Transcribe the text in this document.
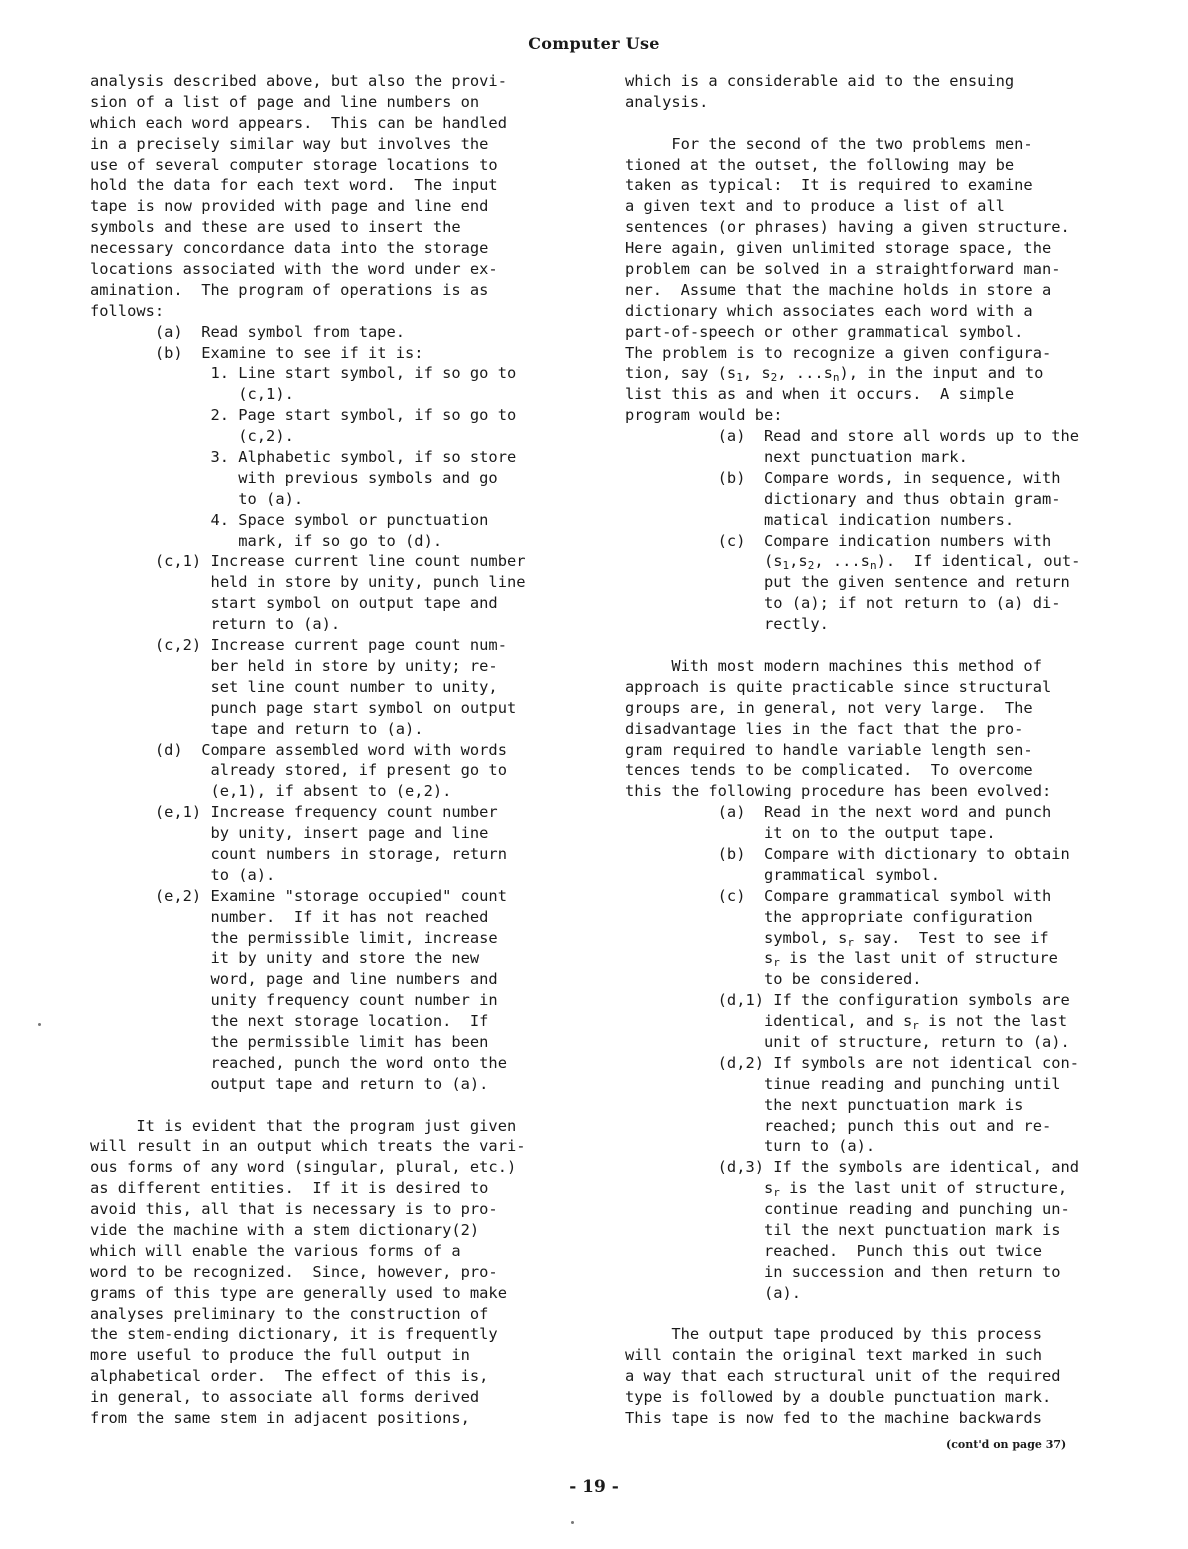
Computer Use
analysis described above, but also the provi-
sion of a list of page and line numbers on
which each word appears.  This can be handled
in a precisely similar way but involves the
use of several computer storage locations to
hold the data for each text word.  The input
tape is now provided with page and line end
symbols and these are used to insert the
necessary concordance data into the storage
locations associated with the word under ex-
amination.  The program of operations is as
follows:
(a)  Read symbol from tape.
(b)  Examine to see if it is:
1. Line start symbol, if so go to
(c,1).
2. Page start symbol, if so go to
(c,2).
3. Alphabetic symbol, if so store
with previous symbols and go
to (a).
4. Space symbol or punctuation
mark, if so go to (d).
(c,1) Increase current line count number
held in store by unity, punch line
start symbol on output tape and
return to (a).
(c,2) Increase current page count num-
ber held in store by unity; re-
set line count number to unity,
punch page start symbol on output
tape and return to (a).
(d)  Compare assembled word with words
already stored, if present go to
(e,1), if absent to (e,2).
(e,1) Increase frequency count number
by unity, insert page and line
count numbers in storage, return
to (a).
(e,2) Examine "storage occupied" count
number.  If it has not reached
the permissible limit, increase
it by unity and store the new
word, page and line numbers and
unity frequency count number in
the next storage location.  If
the permissible limit has been
reached, punch the word onto the
output tape and return to (a).
It is evident that the program just given
will result in an output which treats the vari-
ous forms of any word (singular, plural, etc.)
as different entities.  If it is desired to
avoid this, all that is necessary is to pro-
vide the machine with a stem dictionary(2)
which will enable the various forms of a
word to be recognized.  Since, however, pro-
grams of this type are generally used to make
analyses preliminary to the construction of
the stem-ending dictionary, it is frequently
more useful to produce the full output in
alphabetical order.  The effect of this is,
in general, to associate all forms derived
from the same stem in adjacent positions,
which is a considerable aid to the ensuing
analysis.
For the second of the two problems men-
tioned at the outset, the following may be
taken as typical:  It is required to examine
a given text and to produce a list of all
sentences (or phrases) having a given structure.
Here again, given unlimited storage space, the
problem can be solved in a straightforward man-
ner.  Assume that the machine holds in store a
dictionary which associates each word with a
part-of-speech or other grammatical symbol.
The problem is to recognize a given configura-
tion, say ($s_1$, $s_2$, $...s_n$), in the input and to
list this as and when it occurs.  A simple
program would be:
(a)  Read and store all words up to the
next punctuation mark.
(b)  Compare words, in sequence, with
dictionary and thus obtain gram-
matical indication numbers.
(c)  Compare indication numbers with
($s_1,s_2$, $...s_n$).  If identical, out-
put the given sentence and return
to (a); if not return to (a) di-
rectly.
With most modern machines this method of
approach is quite practicable since structural
groups are, in general, not very large.  The
disadvantage lies in the fact that the pro-
gram required to handle variable length sen-
tences tends to be complicated.  To overcome
this the following procedure has been evolved:
(a)  Read in the next word and punch
it on to the output tape.
(b)  Compare with dictionary to obtain
grammatical symbol.
(c)  Compare grammatical symbol with
the appropriate configuration
symbol, $s_r$ say.  Test to see if
$s_r$ is the last unit of structure
to be considered.
(d,1) If the configuration symbols are
identical, and $s_r$ is not the last
unit of structure, return to (a).
(d,2) If symbols are not identical con-
tinue reading and punching until
the next punctuation mark is
reached; punch this out and re-
turn to (a).
(d,3) If the symbols are identical, and
$s_r$ is the last unit of structure,
continue reading and punching un-
til the next punctuation mark is
reached.  Punch this out twice
in succession and then return to
(a).
The output tape produced by this process
will contain the original text marked in such
a way that each structural unit of the required
type is followed by a double punctuation mark.
This tape is now fed to the machine backwards
(cont'd on page 37)
- 19 -
